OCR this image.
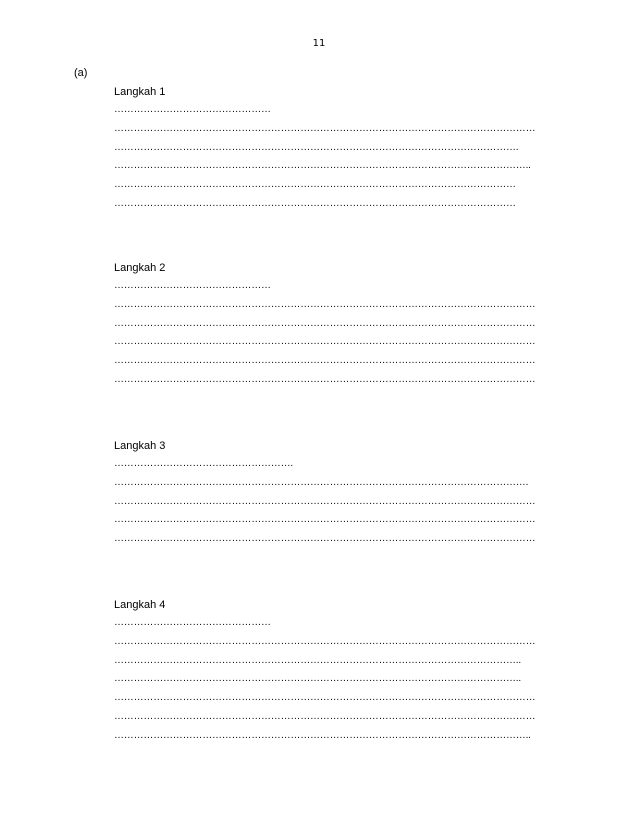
11
(a)
Langkah 1
…………………………………………
…………………………………………………………………………………………………………………
…………………………………………………………………………………………………………….
………………………………………………………………………………………………………………..
……………………………………………………………………………………………………………
……………………………………………………………………………………………………………
Langkah 2
…………………………………………
…………………………………………………………………………………………………………………
…………………………………………………………………………………………………………………
…………………………………………………………………………………………………………………
…………………………………………………………………………………………………………………
…………………………………………………………………………………………………………………
Langkah 3
……………………………………………….
……………………………………………………………………………………………………………….
…………………………………………………………………………………………………………………
…………………………………………………………………………………………………………………
…………………………………………………………………………………………………………………
Langkah 4
…………………………………………
…………………………………………………………………………………………………………………
……………………………………………………………………………………………………………..
……………………………………………………………………………………………………………..
…………………………………………………………………………………………………………………
…………………………………………………………………………………………………………………
………………………………………………………………………………………………………………..
